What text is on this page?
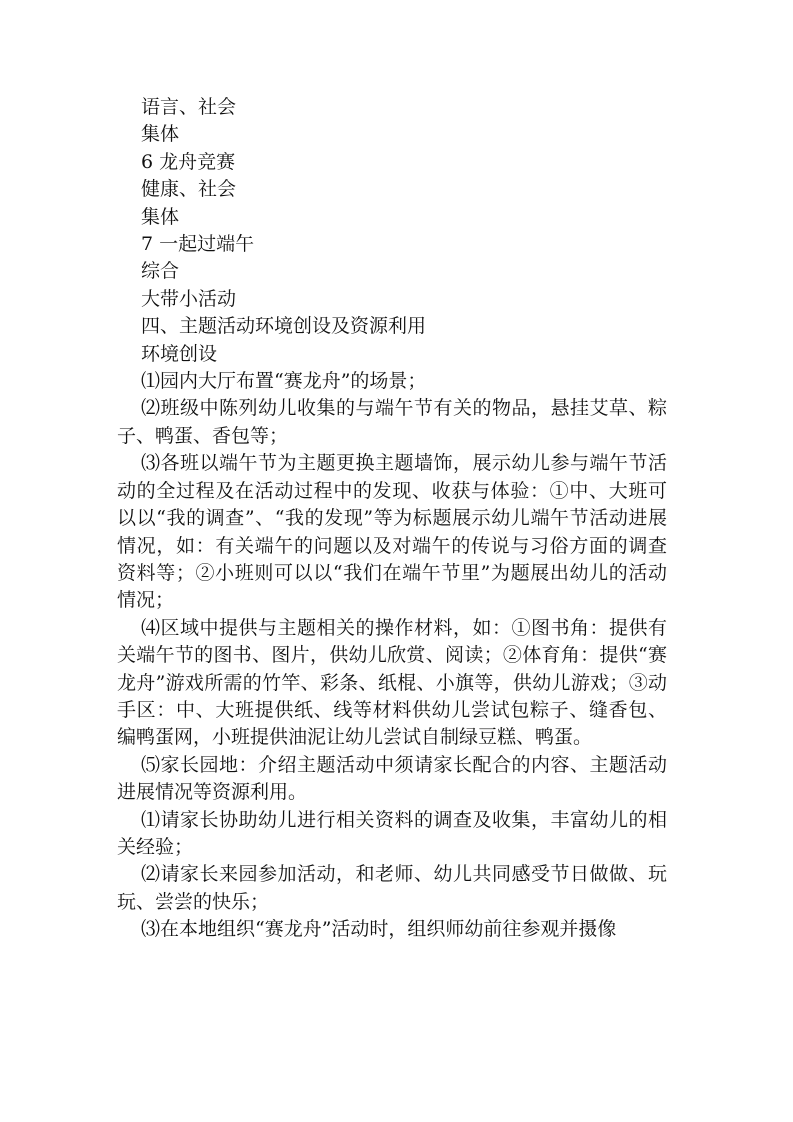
语言、社会

集体

6 龙舟竞赛

健康、社会

集体

7 一起过端午

综合

大带小活动

四、主题活动环境创设及资源利用

环境创设

⑴园内大厅布置“赛龙舟”的场景；

⑵班级中陈列幼儿收集的与端午节有关的物品，悬挂艾草、粽子、鸭蛋、香包等；

⑶各班以端午节为主题更换主题墙饰，展示幼儿参与端午节活动的全过程及在活动过程中的发现、收获与体验：①中、大班可以以“我的调查”、“我的发现”等为标题展示幼儿端午节活动进展情况，如：有关端午的问题以及对端午的传说与习俗方面的调查资料等；②小班则可以以“我们在端午节里”为题展出幼儿的活动情况；

⑷区域中提供与主题相关的操作材料，如：①图书角：提供有关端午节的图书、图片，供幼儿欣赏、阅读；②体育角：提供“赛龙舟”游戏所需的竹竿、彩条、纸棍、小旗等，供幼儿游戏；③动手区：中、大班提供纸、线等材料供幼儿尝试包粽子、缝香包、编鸭蛋网，小班提供油泥让幼儿尝试自制绿豆糕、鸭蛋。

⑸家长园地：介绍主题活动中须请家长配合的内容、主题活动进展情况等资源利用。

⑴请家长协助幼儿进行相关资料的调查及收集，丰富幼儿的相关经验；

⑵请家长来园参加活动，和老师、幼儿共同感受节日做做、玩玩、尝尝的快乐；

⑶在本地组织“赛龙舟”活动时，组织师幼前往参观并摄像
